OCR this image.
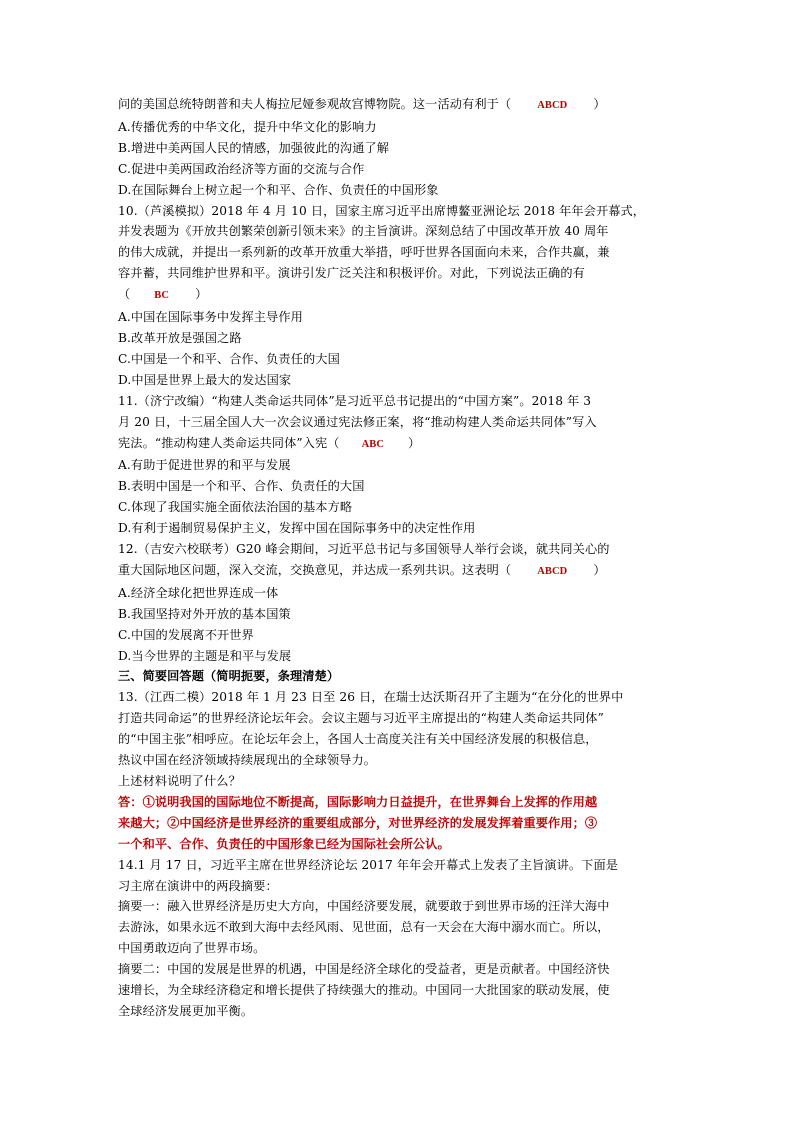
问的美国总统特朗普和夫人梅拉尼娅参观故宫博物院。这一活动有利于（ ABCD ）
A.传播优秀的中华文化，提升中华文化的影响力
B.增进中美两国人民的情感，加强彼此的沟通了解
C.促进中美两国政治经济等方面的交流与合作
D.在国际舞台上树立起一个和平、合作、负责任的中国形象
10.（芦溪模拟）2018 年 4 月 10 日，国家主席习近平出席博鳌亚洲论坛 2018 年年会开幕式，
并发表题为《开放共创繁荣创新引领未来》的主旨演讲。深刻总结了中国改革开放 40 周年
的伟大成就，并提出一系列新的改革开放重大举措，呼吁世界各国面向未来，合作共赢，兼
容并蓄，共同维护世界和平。演讲引发广泛关注和积极评价。对此，下列说法正确的有
（ BC ）
A.中国在国际事务中发挥主导作用
B.改革开放是强国之路
C.中国是一个和平、合作、负责任的大国
D.中国是世界上最大的发达国家
11.（济宁改编）“构建人类命运共同体”是习近平总书记提出的“中国方案”。2018 年 3
月 20 日，十三届全国人大一次会议通过宪法修正案，将“推动构建人类命运共同体”写入
宪法。“推动构建人类命运共同体”入宪（ ABC ）
A.有助于促进世界的和平与发展
B.表明中国是一个和平、合作、负责任的大国
C.体现了我国实施全面依法治国的基本方略
D.有利于遏制贸易保护主义，发挥中国在国际事务中的决定性作用
12.（吉安六校联考）G20 峰会期间，习近平总书记与多国领导人举行会谈，就共同关心的
重大国际地区问题，深入交流，交换意见，并达成一系列共识。这表明（ ABCD ）
A.经济全球化把世界连成一体
B.我国坚持对外开放的基本国策
C.中国的发展离不开世界
D.当今世界的主题是和平与发展
三、简要回答题（简明扼要，条理清楚）
13.（江西二模）2018 年 1 月 23 日至 26 日，在瑞士达沃斯召开了主题为“在分化的世界中
打造共同命运”的世界经济论坛年会。会议主题与习近平主席提出的“构建人类命运共同体”
的“中国主张”相呼应。在论坛年会上，各国人士高度关注有关中国经济发展的积极信息，
热议中国在经济领域持续展现出的全球领导力。
上述材料说明了什么？
答：①说明我国的国际地位不断提高，国际影响力日益提升，在世界舞台上发挥的作用越
来越大；②中国经济是世界经济的重要组成部分，对世界经济的发展发挥着重要作用；③
一个和平、合作、负责任的中国形象已经为国际社会所公认。
14.1 月 17 日，习近平主席在世界经济论坛 2017 年年会开幕式上发表了主旨演讲。下面是
习主席在演讲中的两段摘要：
摘要一：融入世界经济是历史大方向，中国经济要发展，就要敢于到世界市场的汪洋大海中
去游泳，如果永远不敢到大海中去经风雨、见世面，总有一天会在大海中溺水而亡。所以，
中国勇敢迈向了世界市场。
摘要二：中国的发展是世界的机遇，中国是经济全球化的受益者，更是贡献者。中国经济快
速增长，为全球经济稳定和增长提供了持续强大的推动。中国同一大批国家的联动发展，使
全球经济发展更加平衡。
